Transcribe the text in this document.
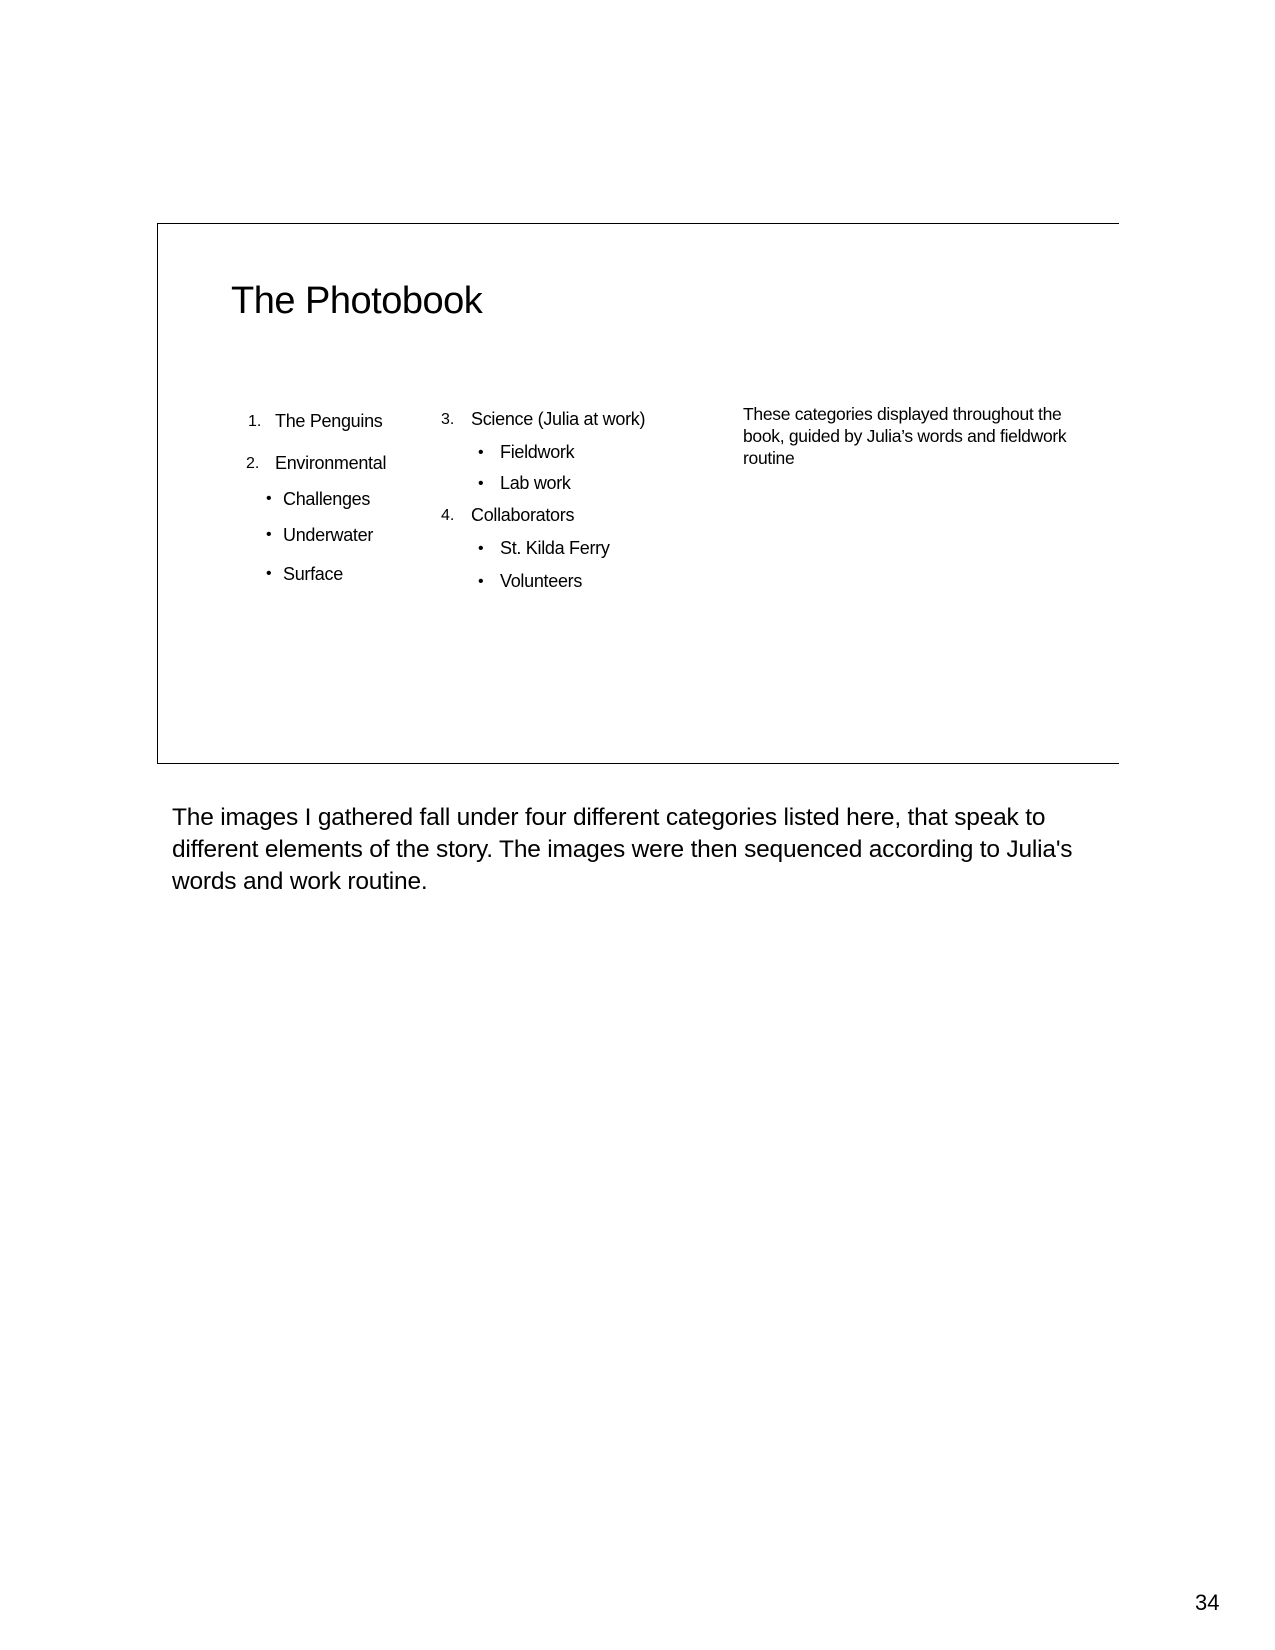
The Photobook
1. The Penguins
2. Environmental
• Challenges
• Underwater
• Surface
3. Science (Julia at work)
• Fieldwork
• Lab work
4. Collaborators
• St. Kilda Ferry
• Volunteers
These categories displayed throughout the book, guided by Julia’s words and fieldwork routine

The images I gathered fall under four different categories listed here, that speak to different elements of the story. The images were then sequenced according to Julia's words and work routine.

34
